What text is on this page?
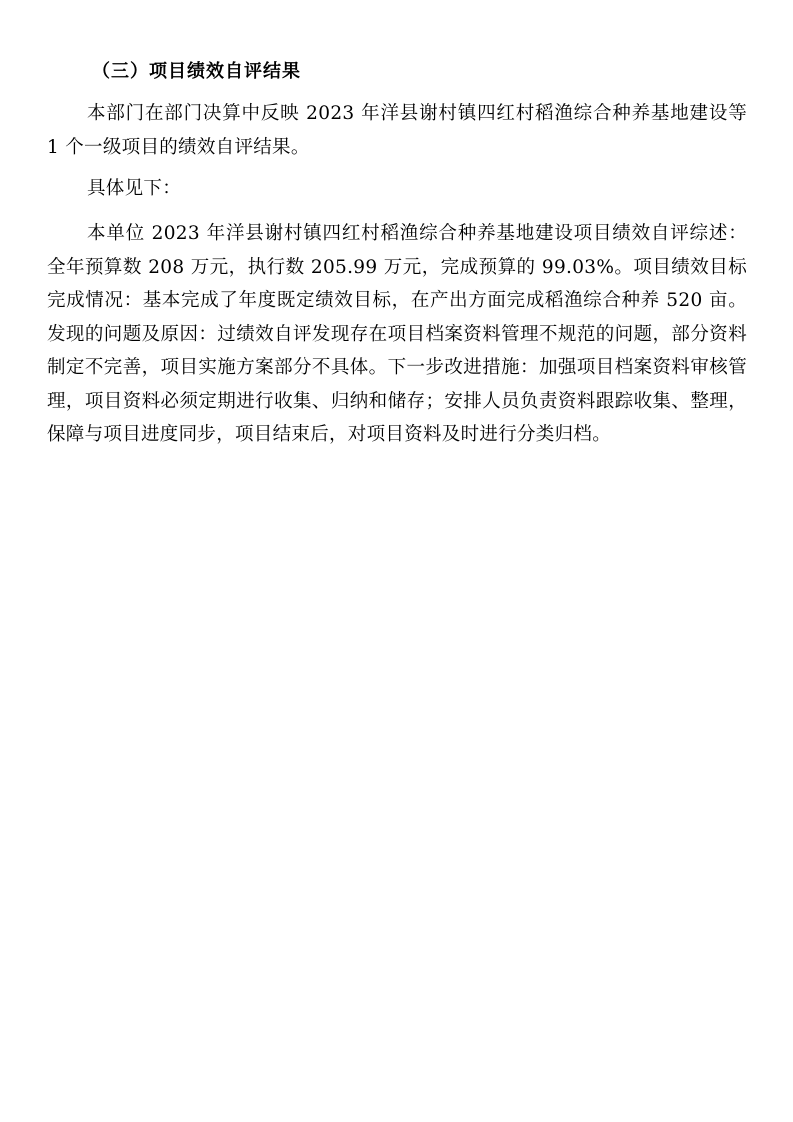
（三）项目绩效自评结果

本部门在部门决算中反映 2023 年洋县谢村镇四红村稻渔综合种养基地建设等 1 个一级项目的绩效自评结果。

具体见下：

本单位 2023 年洋县谢村镇四红村稻渔综合种养基地建设项目绩效自评综述：全年预算数 208 万元，执行数 205.99 万元，完成预算的 99.03%。项目绩效目标完成情况：基本完成了年度既定绩效目标，在产出方面完成稻渔综合种养 520 亩。发现的问题及原因：过绩效自评发现存在项目档案资料管理不规范的问题，部分资料制定不完善，项目实施方案部分不具体。下一步改进措施：加强项目档案资料审核管理，项目资料必须定期进行收集、归纳和储存；安排人员负责资料跟踪收集、整理，保障与项目进度同步，项目结束后，对项目资料及时进行分类归档。
